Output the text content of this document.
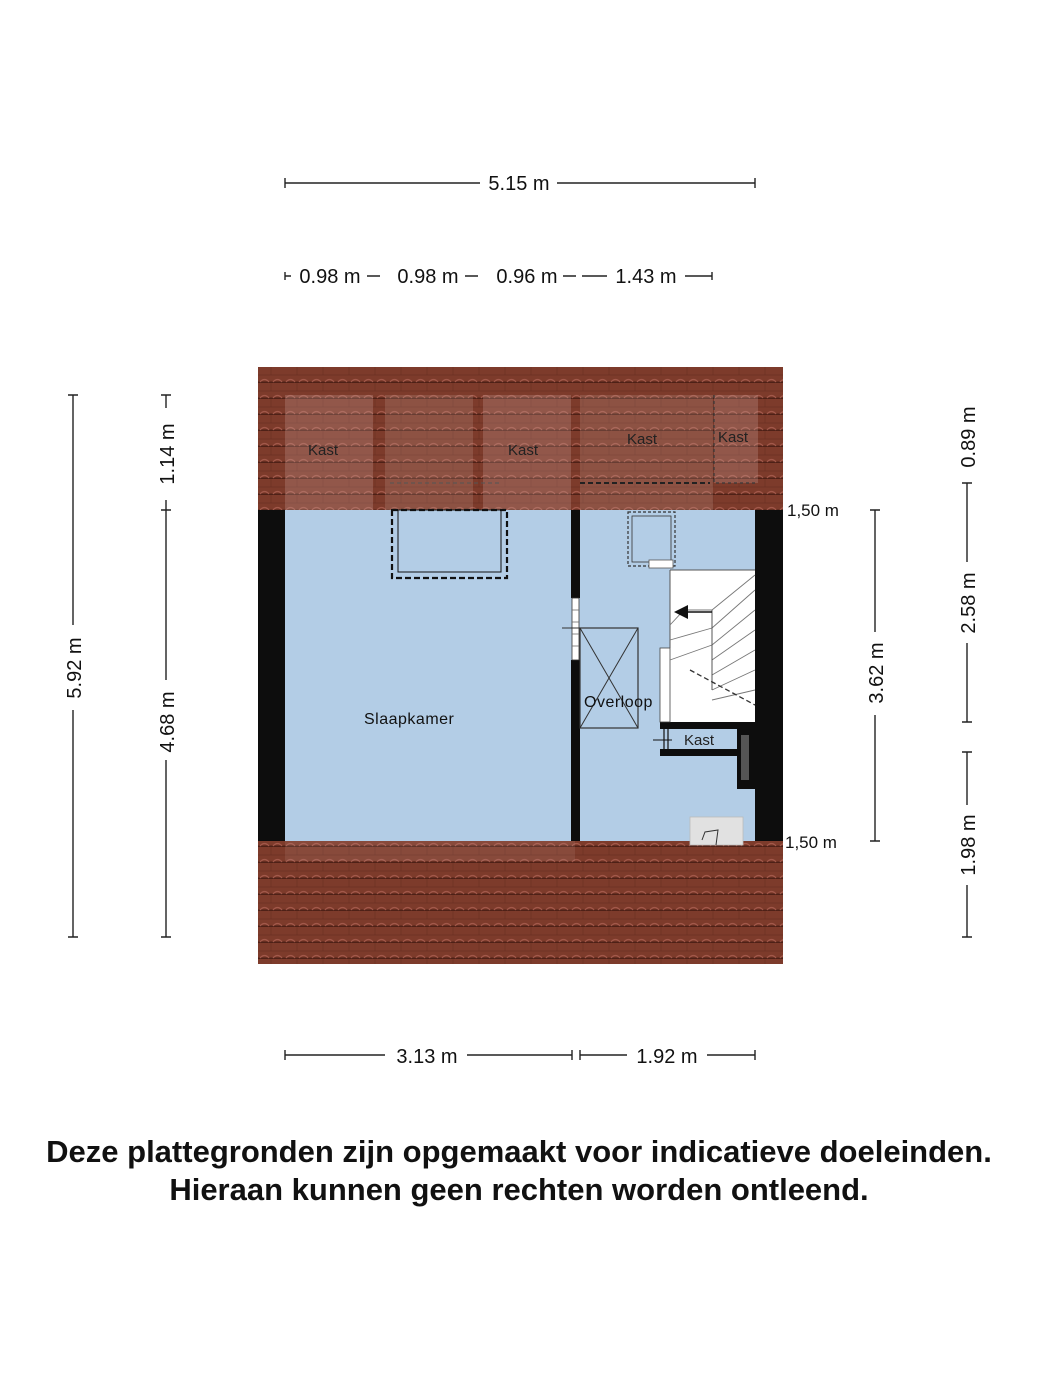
Slaapkamer
Overloop
Kast	Kast
Kast	Kast
Kast
5.15 m
0.98 m 0.98 m 0.96 m	1.43 m
3.13 m	1.92 m
5.92 m
1.14 m
4.68 m
3.62 m
0.89 m
2.58 m
1.98 m
1,50 m
1,50 m
Deze plattegronden zijn opgemaakt voor indicatieve doeleinden.
Hieraan kunnen geen rechten worden ontleend.
